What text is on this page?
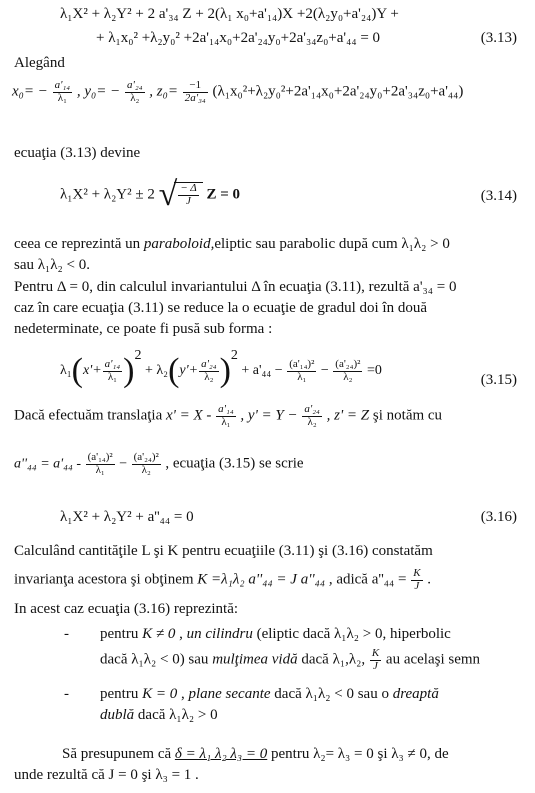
λ₁X² + λ₂Y² + 2 a'₃₄ Z + 2(λ₁ x₀+a'₁₄)X +2(λ₂y₀+a'₂₄)Y +
+ λ₁x₀² +λ₂y₀² +2a'₁₄x₀+2a'₂₄y₀+2a'₃₄z₀+a'₄₄ = 0	(3.13)
Alegând
$x_0= - \frac{\text{a'₁₄}}{\text{λ₁}}$ , $y_0= - \frac{\text{a'₂₄}}{\text{λ₂}}$ , $z_0= \frac{-1}{\text{2a'₃₄}} (\lambda_1x_0^2+\lambda_2y_0^2+2a'_{14}x_0+2a'_{24}y_0+2a'_{34}z_0+a'_{44})$
ecuaţia (3.13) devine
λ₁X² + λ₂Y² ± 2 √ $\frac{- \Delta}{J}$ Z = 0	(3.14)
ceea ce reprezintă un paraboloid,eliptic sau parabolic după cum λ₁λ₂ > 0
sau λ₁λ₂ < 0.
Pentru Δ = 0, din calculul invariantului Δ în ecuaţia (3.11), rezultă a'₃₄ = 0
caz în care ecuaţia (3.11) se reduce la o ecuaţie de gradul doi în două
nedeterminate, ce poate fi pusă sub forma :
$\lambda_1(x'+ \frac{\text{a'₁₄}}{\text{λ₁}} )2 + \lambda_2(y'+ \frac{\text{a'₂₄}}{\text{λ₂}} )2 + a'_{44} - \frac{\text{(a'₁₄)²}}{\text{λ₁}} - \frac{\text{(a'₂₄)²}}{\text{λ₂}} =0$
(3.15)
Dacă efectuăm translaţia $x' = X - \frac{\text{a'₁₄}}{\text{λ₁}}$ , $y' = Y - \frac{\text{a'₂₄}}{\text{λ₂}}$ , z' = Z şi notăm cu
$a''_{44} = a'_{44} - \frac{\text{(a'₁₄)²}}{\text{λ₁}} - \frac{\text{(a'₂₄)²}}{\text{λ₂}}$ , ecuaţia (3.15) se scrie
λ₁X² + λ₂Y² + a''₄₄ = 0	(3.16)
Calculând cantităţile L şi K pentru ecuaţiile (3.11) şi (3.16) constatăm
invarianţa acestora şi obţinem K =λ₁λ₂ a''₄₄ = J a''₄₄ , adică $a''_{44} = \frac{K}{J}$ .
In acest caz ecuaţia (3.16) reprezintă:
- pentru K ≠ 0 , un cilindru (eliptic dacă λ₁λ₂ > 0, hiperbolic
dacă λ₁λ₂ < 0) sau mulţimea vidă dacă λ₁,λ₂, $\frac{K}{J}$ au acelaşi semn
- pentru K = 0 , plane secante dacă λ₁λ₂ < 0 sau o dreaptă
dublă dacă λ₁λ₂ > 0
Să presupunem că δ = λ₁ λ₂ λ₃ = 0 pentru λ₂= λ₃ = 0 şi λ₃ ≠ 0, de
unde rezultă că J = 0 şi λ₃ = 1 .
